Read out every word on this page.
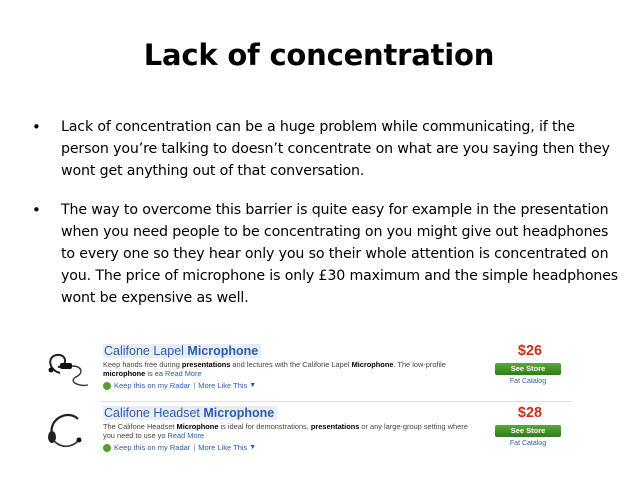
Lack of concentration
•	Lack of concentration can be a huge problem while communicating, if the person you’re talking to doesn’t concentrate on what are you saying then they wont get anything out of that conversation.
•	The way to overcome this barrier is quite easy for example in the presentation when you need people to be concentrating on you might give out headphones to every one so they hear only you so their whole attention is concentrated on you. The price of microphone is only £30 maximum and the simple headphones wont be expensive as well.
Califone Lapel Microphone
Keep hands free during presentations and lectures with the Califone Lapel Microphone. The low-profile microphone is ea Read More
Keep this on my Radar | More Like This ▼
$26
See Store
Fat Catalog
Califone Headset Microphone
The Califone Headset Microphone is ideal for demonstrations, presentations or any large-group setting where you need to use yo Read More
Keep this on my Radar | More Like This ▼
$28
See Store
Fat Catalog
